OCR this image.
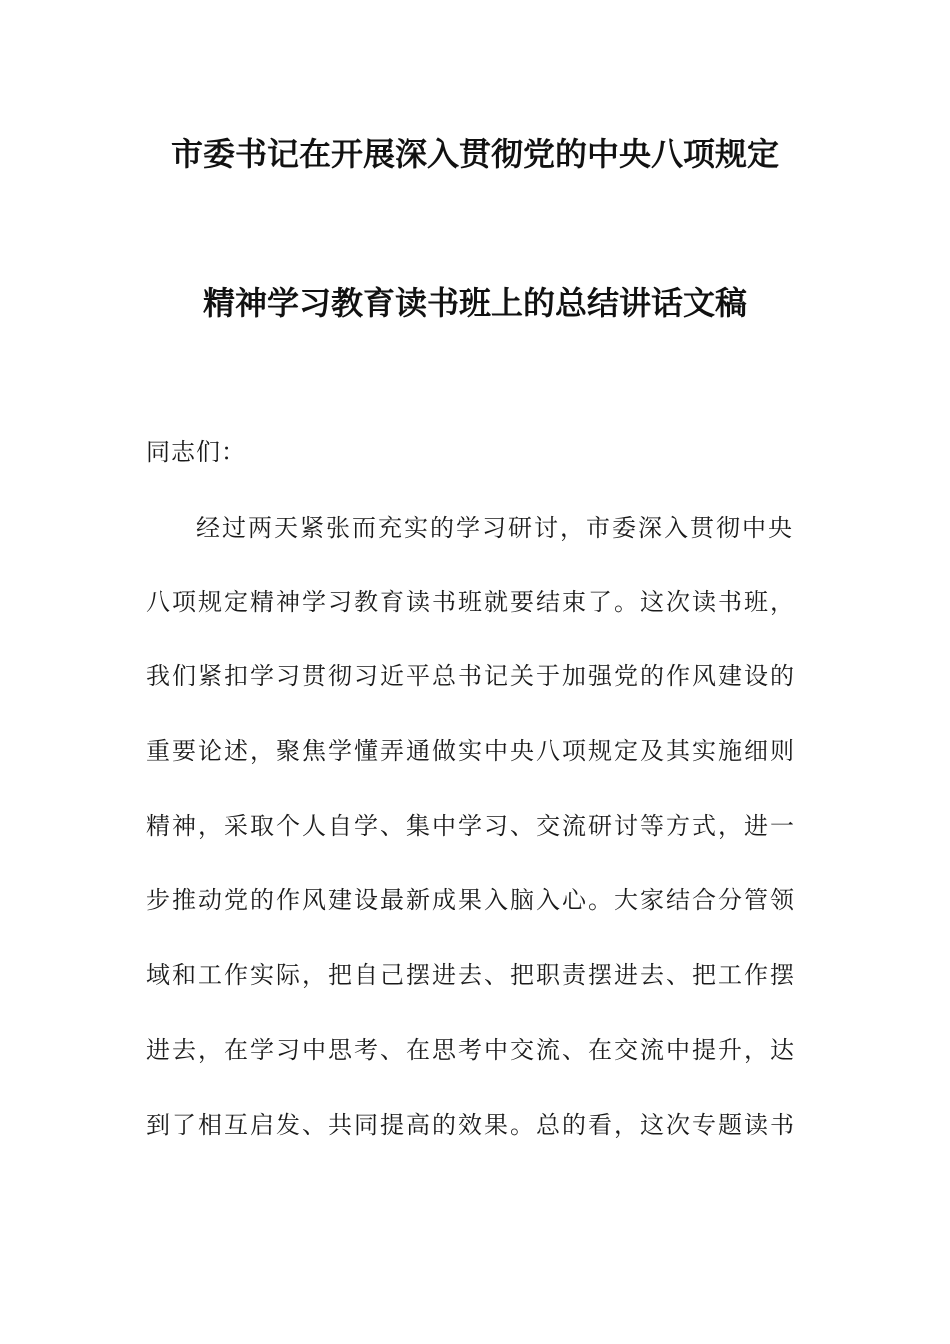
市委书记在开展深入贯彻党的中央八项规定
精神学习教育读书班上的总结讲话文稿
同志们：
经过两天紧张而充实的学习研讨，市委深入贯彻中央
八项规定精神学习教育读书班就要结束了。这次读书班，
我们紧扣学习贯彻习近平总书记关于加强党的作风建设的
重要论述，聚焦学懂弄通做实中央八项规定及其实施细则
精神，采取个人自学、集中学习、交流研讨等方式，进一
步推动党的作风建设最新成果入脑入心。大家结合分管领
域和工作实际，把自己摆进去、把职责摆进去、把工作摆
进去，在学习中思考、在思考中交流、在交流中提升，达
到了相互启发、共同提高的效果。总的看，这次专题读书
